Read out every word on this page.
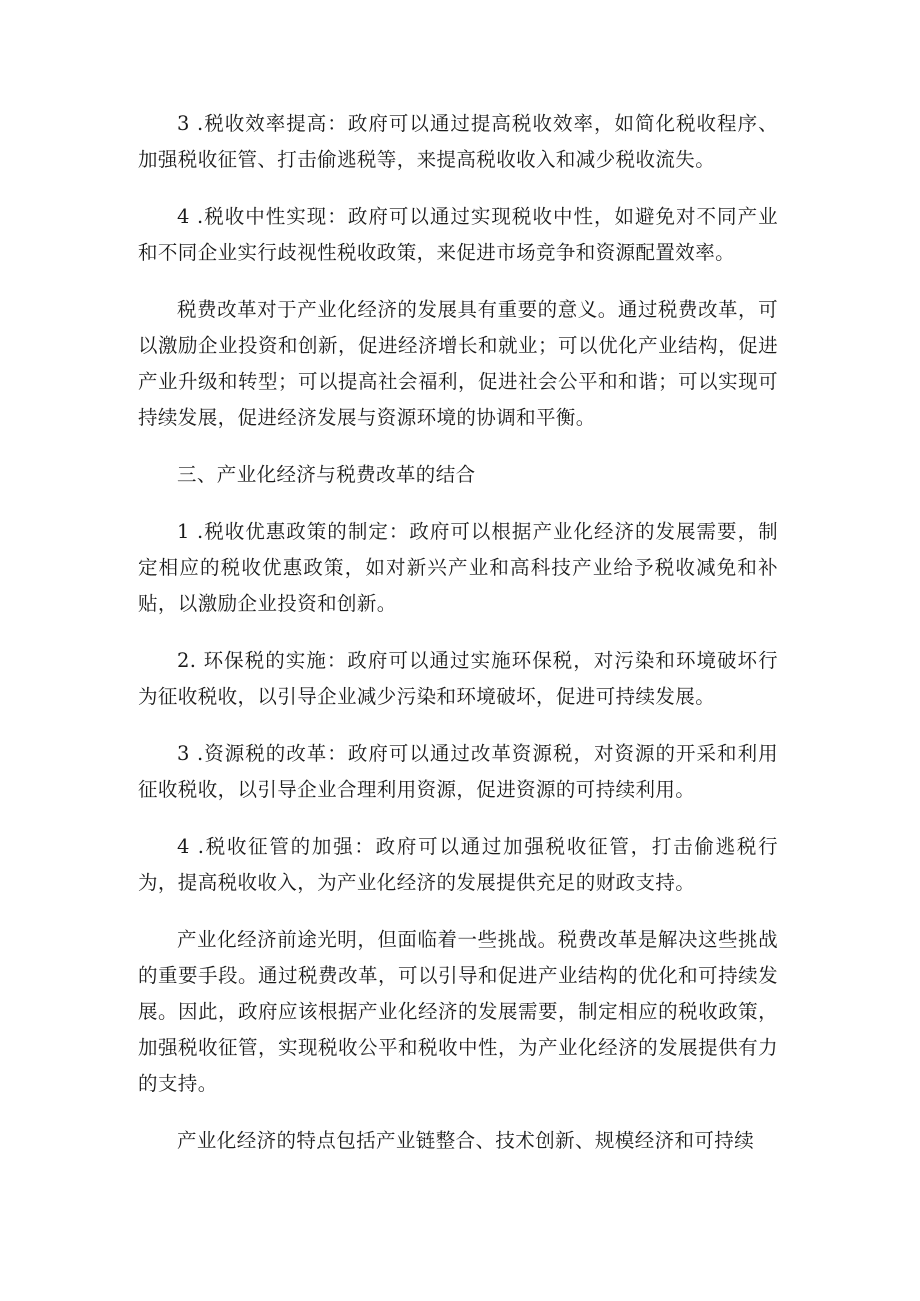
3 .税收效率提高：政府可以通过提高税收效率，如简化税收程序、加强税收征管、打击偷逃税等，来提高税收收入和减少税收流失。

4 .税收中性实现：政府可以通过实现税收中性，如避免对不同产业和不同企业实行歧视性税收政策，来促进市场竞争和资源配置效率。

税费改革对于产业化经济的发展具有重要的意义。通过税费改革，可以激励企业投资和创新，促进经济增长和就业；可以优化产业结构，促进产业升级和转型；可以提高社会福利，促进社会公平和和谐；可以实现可持续发展，促进经济发展与资源环境的协调和平衡。

三、产业化经济与税费改革的结合

1 .税收优惠政策的制定：政府可以根据产业化经济的发展需要，制定相应的税收优惠政策，如对新兴产业和高科技产业给予税收减免和补贴，以激励企业投资和创新。

2. 环保税的实施：政府可以通过实施环保税，对污染和环境破坏行为征收税收，以引导企业减少污染和环境破坏，促进可持续发展。

3 .资源税的改革：政府可以通过改革资源税，对资源的开采和利用征收税收，以引导企业合理利用资源，促进资源的可持续利用。

4 .税收征管的加强：政府可以通过加强税收征管，打击偷逃税行为，提高税收收入，为产业化经济的发展提供充足的财政支持。

产业化经济前途光明，但面临着一些挑战。税费改革是解决这些挑战的重要手段。通过税费改革，可以引导和促进产业结构的优化和可持续发展。因此，政府应该根据产业化经济的发展需要，制定相应的税收政策，加强税收征管，实现税收公平和税收中性，为产业化经济的发展提供有力的支持。

产业化经济的特点包括产业链整合、技术创新、规模经济和可持续
